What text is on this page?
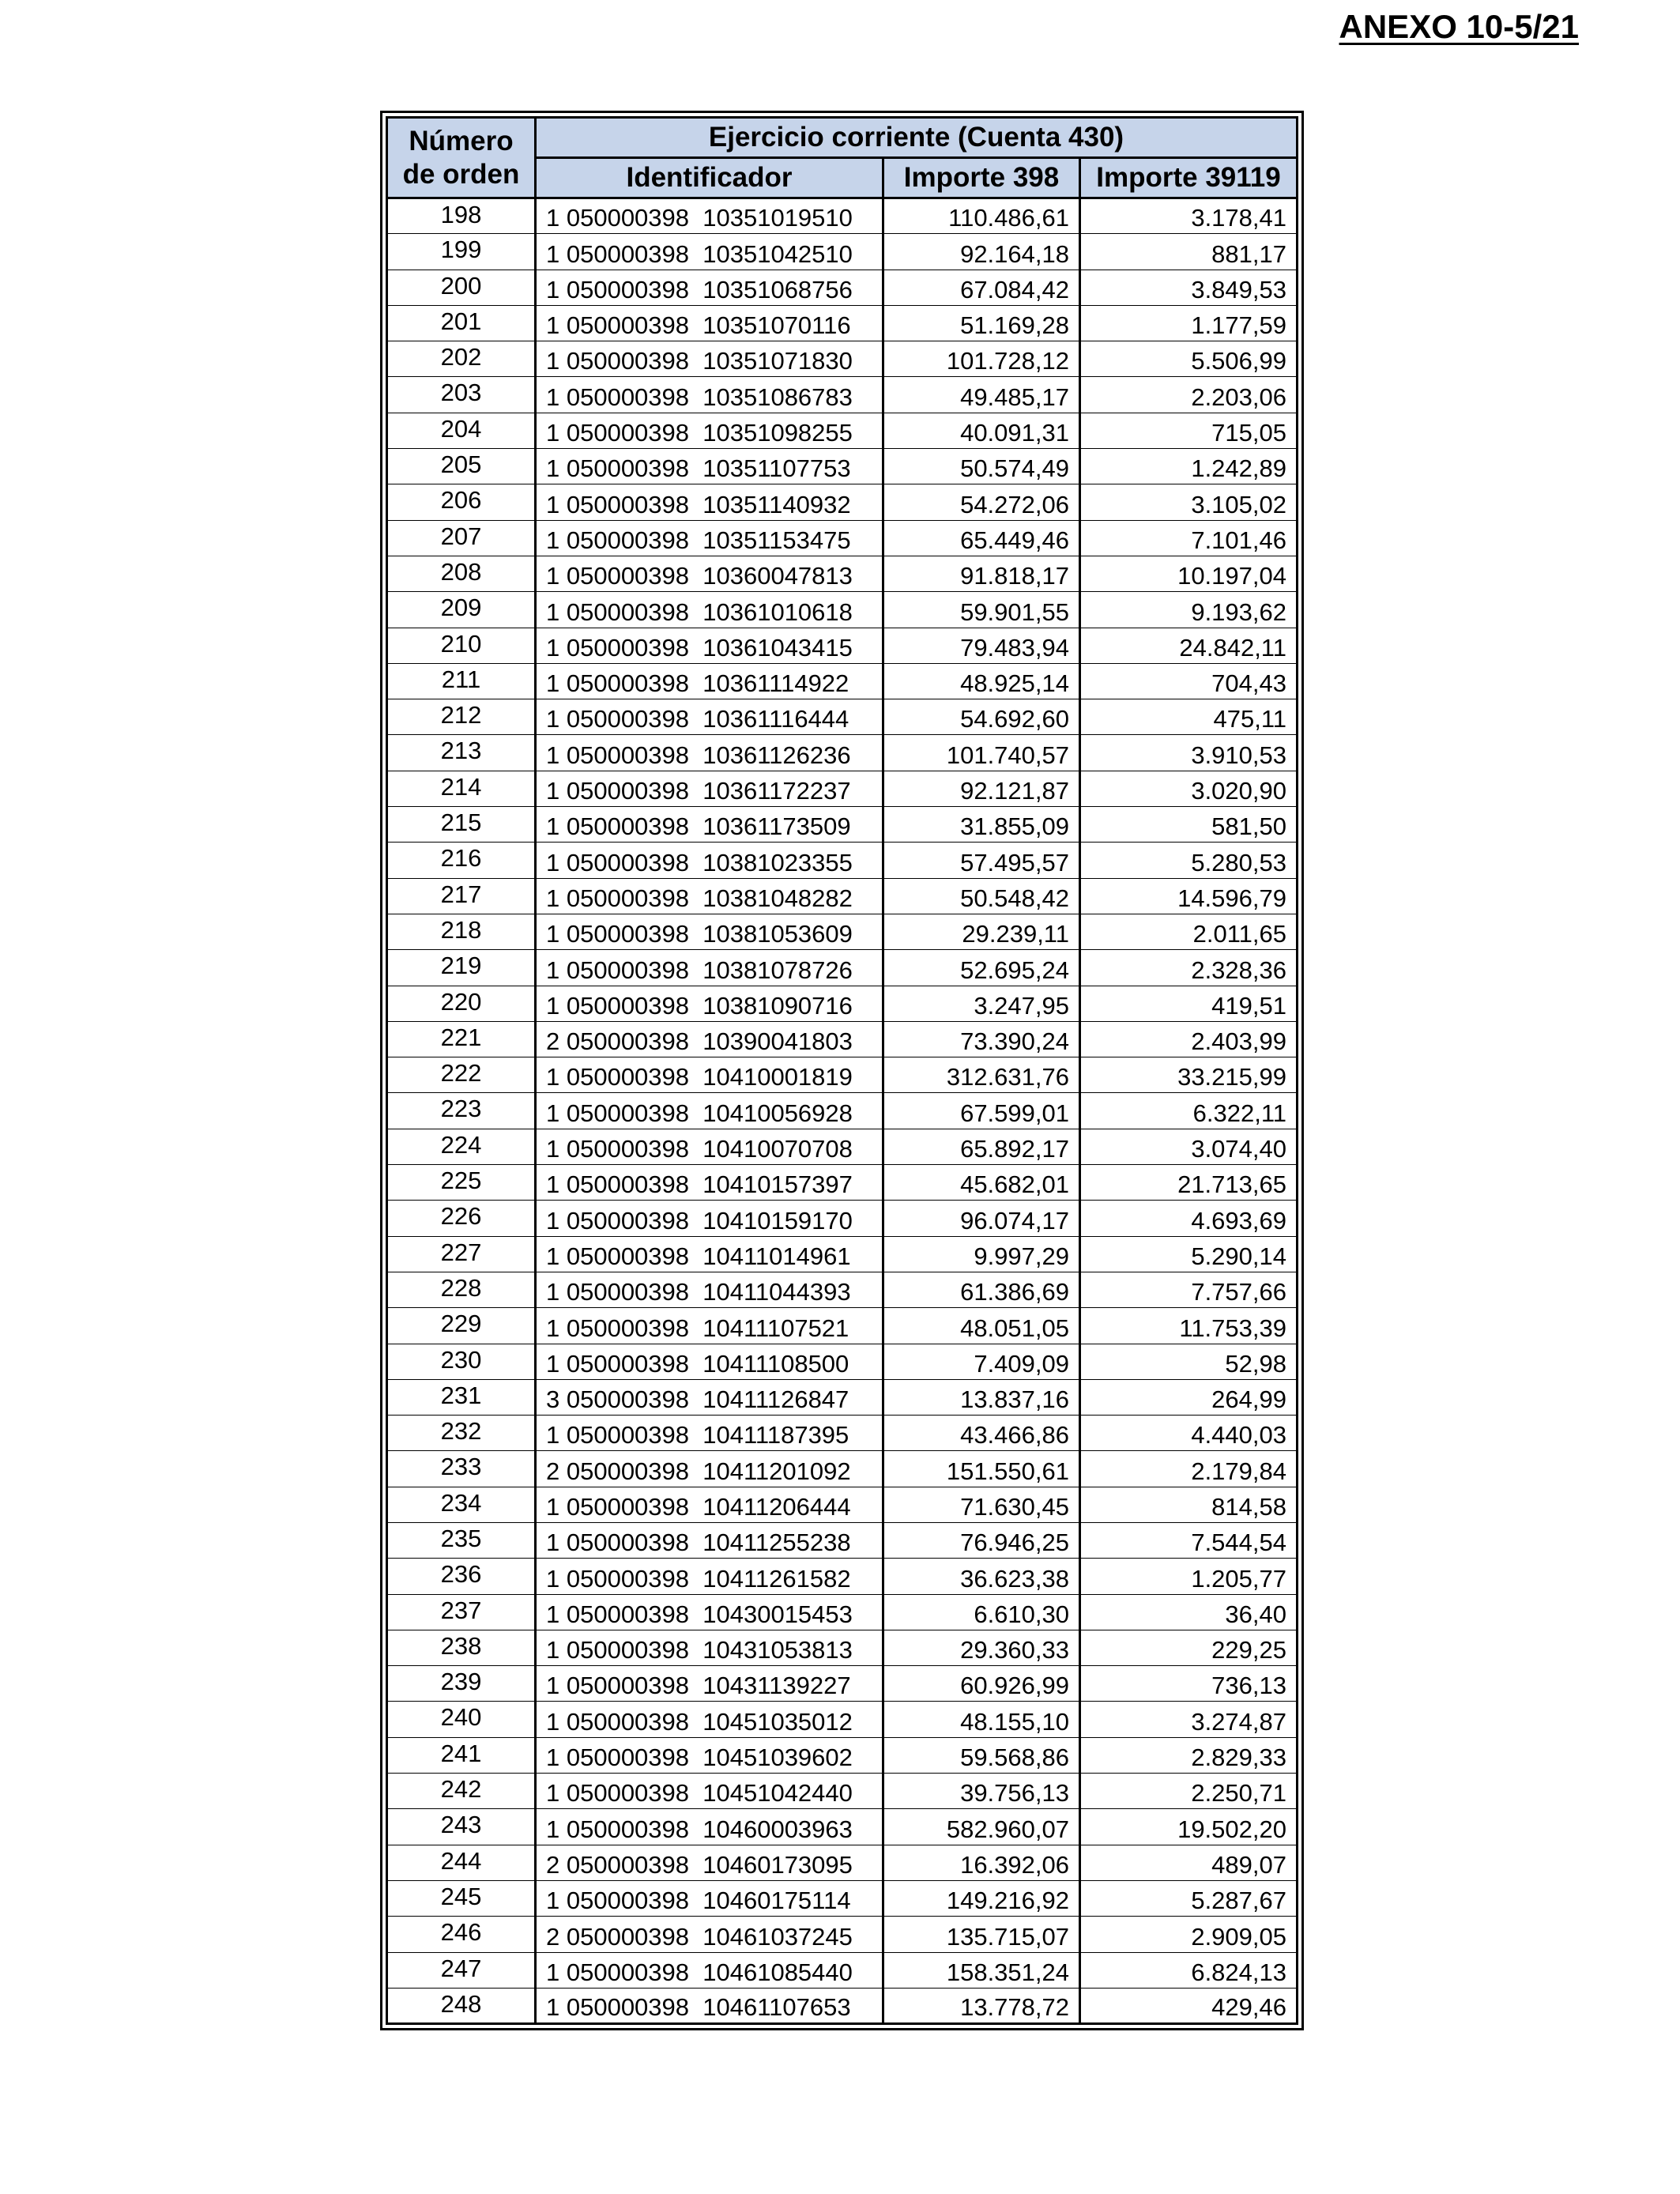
ANEXO 10-5/21
Número de orden	Ejercicio corriente (Cuenta 430)		
	Identificador	Importe 398	Importe 39119
198	1 050000398  10351019510	110.486,61	3.178,41
199	1 050000398  10351042510	92.164,18	881,17
200	1 050000398  10351068756	67.084,42	3.849,53
201	1 050000398  10351070116	51.169,28	1.177,59
202	1 050000398  10351071830	101.728,12	5.506,99
203	1 050000398  10351086783	49.485,17	2.203,06
204	1 050000398  10351098255	40.091,31	715,05
205	1 050000398  10351107753	50.574,49	1.242,89
206	1 050000398  10351140932	54.272,06	3.105,02
207	1 050000398  10351153475	65.449,46	7.101,46
208	1 050000398  10360047813	91.818,17	10.197,04
209	1 050000398  10361010618	59.901,55	9.193,62
210	1 050000398  10361043415	79.483,94	24.842,11
211	1 050000398  10361114922	48.925,14	704,43
212	1 050000398  10361116444	54.692,60	475,11
213	1 050000398  10361126236	101.740,57	3.910,53
214	1 050000398  10361172237	92.121,87	3.020,90
215	1 050000398  10361173509	31.855,09	581,50
216	1 050000398  10381023355	57.495,57	5.280,53
217	1 050000398  10381048282	50.548,42	14.596,79
218	1 050000398  10381053609	29.239,11	2.011,65
219	1 050000398  10381078726	52.695,24	2.328,36
220	1 050000398  10381090716	3.247,95	419,51
221	2 050000398  10390041803	73.390,24	2.403,99
222	1 050000398  10410001819	312.631,76	33.215,99
223	1 050000398  10410056928	67.599,01	6.322,11
224	1 050000398  10410070708	65.892,17	3.074,40
225	1 050000398  10410157397	45.682,01	21.713,65
226	1 050000398  10410159170	96.074,17	4.693,69
227	1 050000398  10411014961	9.997,29	5.290,14
228	1 050000398  10411044393	61.386,69	7.757,66
229	1 050000398  10411107521	48.051,05	11.753,39
230	1 050000398  10411108500	7.409,09	52,98
231	3 050000398  10411126847	13.837,16	264,99
232	1 050000398  10411187395	43.466,86	4.440,03
233	2 050000398  10411201092	151.550,61	2.179,84
234	1 050000398  10411206444	71.630,45	814,58
235	1 050000398  10411255238	76.946,25	7.544,54
236	1 050000398  10411261582	36.623,38	1.205,77
237	1 050000398  10430015453	6.610,30	36,40
238	1 050000398  10431053813	29.360,33	229,25
239	1 050000398  10431139227	60.926,99	736,13
240	1 050000398  10451035012	48.155,10	3.274,87
241	1 050000398  10451039602	59.568,86	2.829,33
242	1 050000398  10451042440	39.756,13	2.250,71
243	1 050000398  10460003963	582.960,07	19.502,20
244	2 050000398  10460173095	16.392,06	489,07
245	1 050000398  10460175114	149.216,92	5.287,67
246	2 050000398  10461037245	135.715,07	2.909,05
247	1 050000398  10461085440	158.351,24	6.824,13
248	1 050000398  10461107653	13.778,72	429,46
